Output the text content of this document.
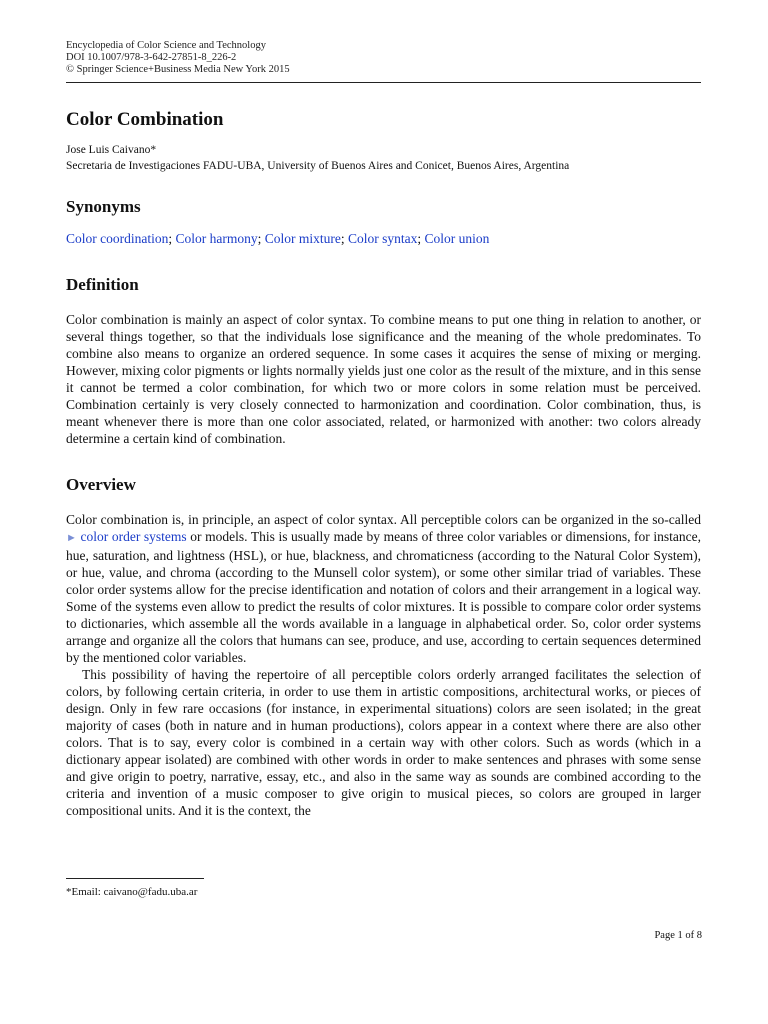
Encyclopedia of Color Science and Technology
DOI 10.1007/978-3-642-27851-8_226-2
© Springer Science+Business Media New York 2015
Color Combination
Jose Luis Caivano*
Secretaria de Investigaciones FADU-UBA, University of Buenos Aires and Conicet, Buenos Aires, Argentina
Synonyms
Color coordination; Color harmony; Color mixture; Color syntax; Color union
Definition

Color combination is mainly an aspect of color syntax. To combine means to put one thing in relation to another, or several things together, so that the individuals lose significance and the meaning of the whole predominates. To combine also means to organize an ordered sequence. In some cases it acquires the sense of mixing or merging. However, mixing color pigments or lights normally yields just one color as the result of the mixture, and in this sense it cannot be termed a color combination, for which two or more colors in some relation must be perceived. Combination certainly is very closely connected to harmonization and coordination. Color combination, thus, is meant whenever there is more than one color associated, related, or harmonized with another: two colors already determine a certain kind of combination.

Overview

Color combination is, in principle, an aspect of color syntax. All perceptible colors can be organized in the so-called ► color order systems or models. This is usually made by means of three color variables or dimensions, for instance, hue, saturation, and lightness (HSL), or hue, blackness, and chromaticness (according to the Natural Color System), or hue, value, and chroma (according to the Munsell color system), or some other similar triad of variables. These color order systems allow for the precise identification and notation of colors and their arrangement in a logical way. Some of the systems even allow to predict the results of color mixtures. It is possible to compare color order systems to dictionaries, which assemble all the words available in a language in alphabetical order. So, color order systems arrange and organize all the colors that humans can see, produce, and use, according to certain sequences determined by the mentioned color variables.

This possibility of having the repertoire of all perceptible colors orderly arranged facilitates the selection of colors, by following certain criteria, in order to use them in artistic compositions, architectural works, or pieces of design. Only in few rare occasions (for instance, in experimental situations) colors are seen isolated; in the great majority of cases (both in nature and in human productions), colors appear in a context where there are also other colors. That is to say, every color is combined in a certain way with other colors. Such as words (which in a dictionary appear isolated) are combined with other words in order to make sentences and phrases with some sense and give origin to poetry, narrative, essay, etc., and also in the same way as sounds are combined according to the criteria and invention of a music composer to give origin to musical pieces, so colors are grouped in larger compositional units. And it is the context, the

*Email: caivano@fadu.uba.ar
Page 1 of 8
